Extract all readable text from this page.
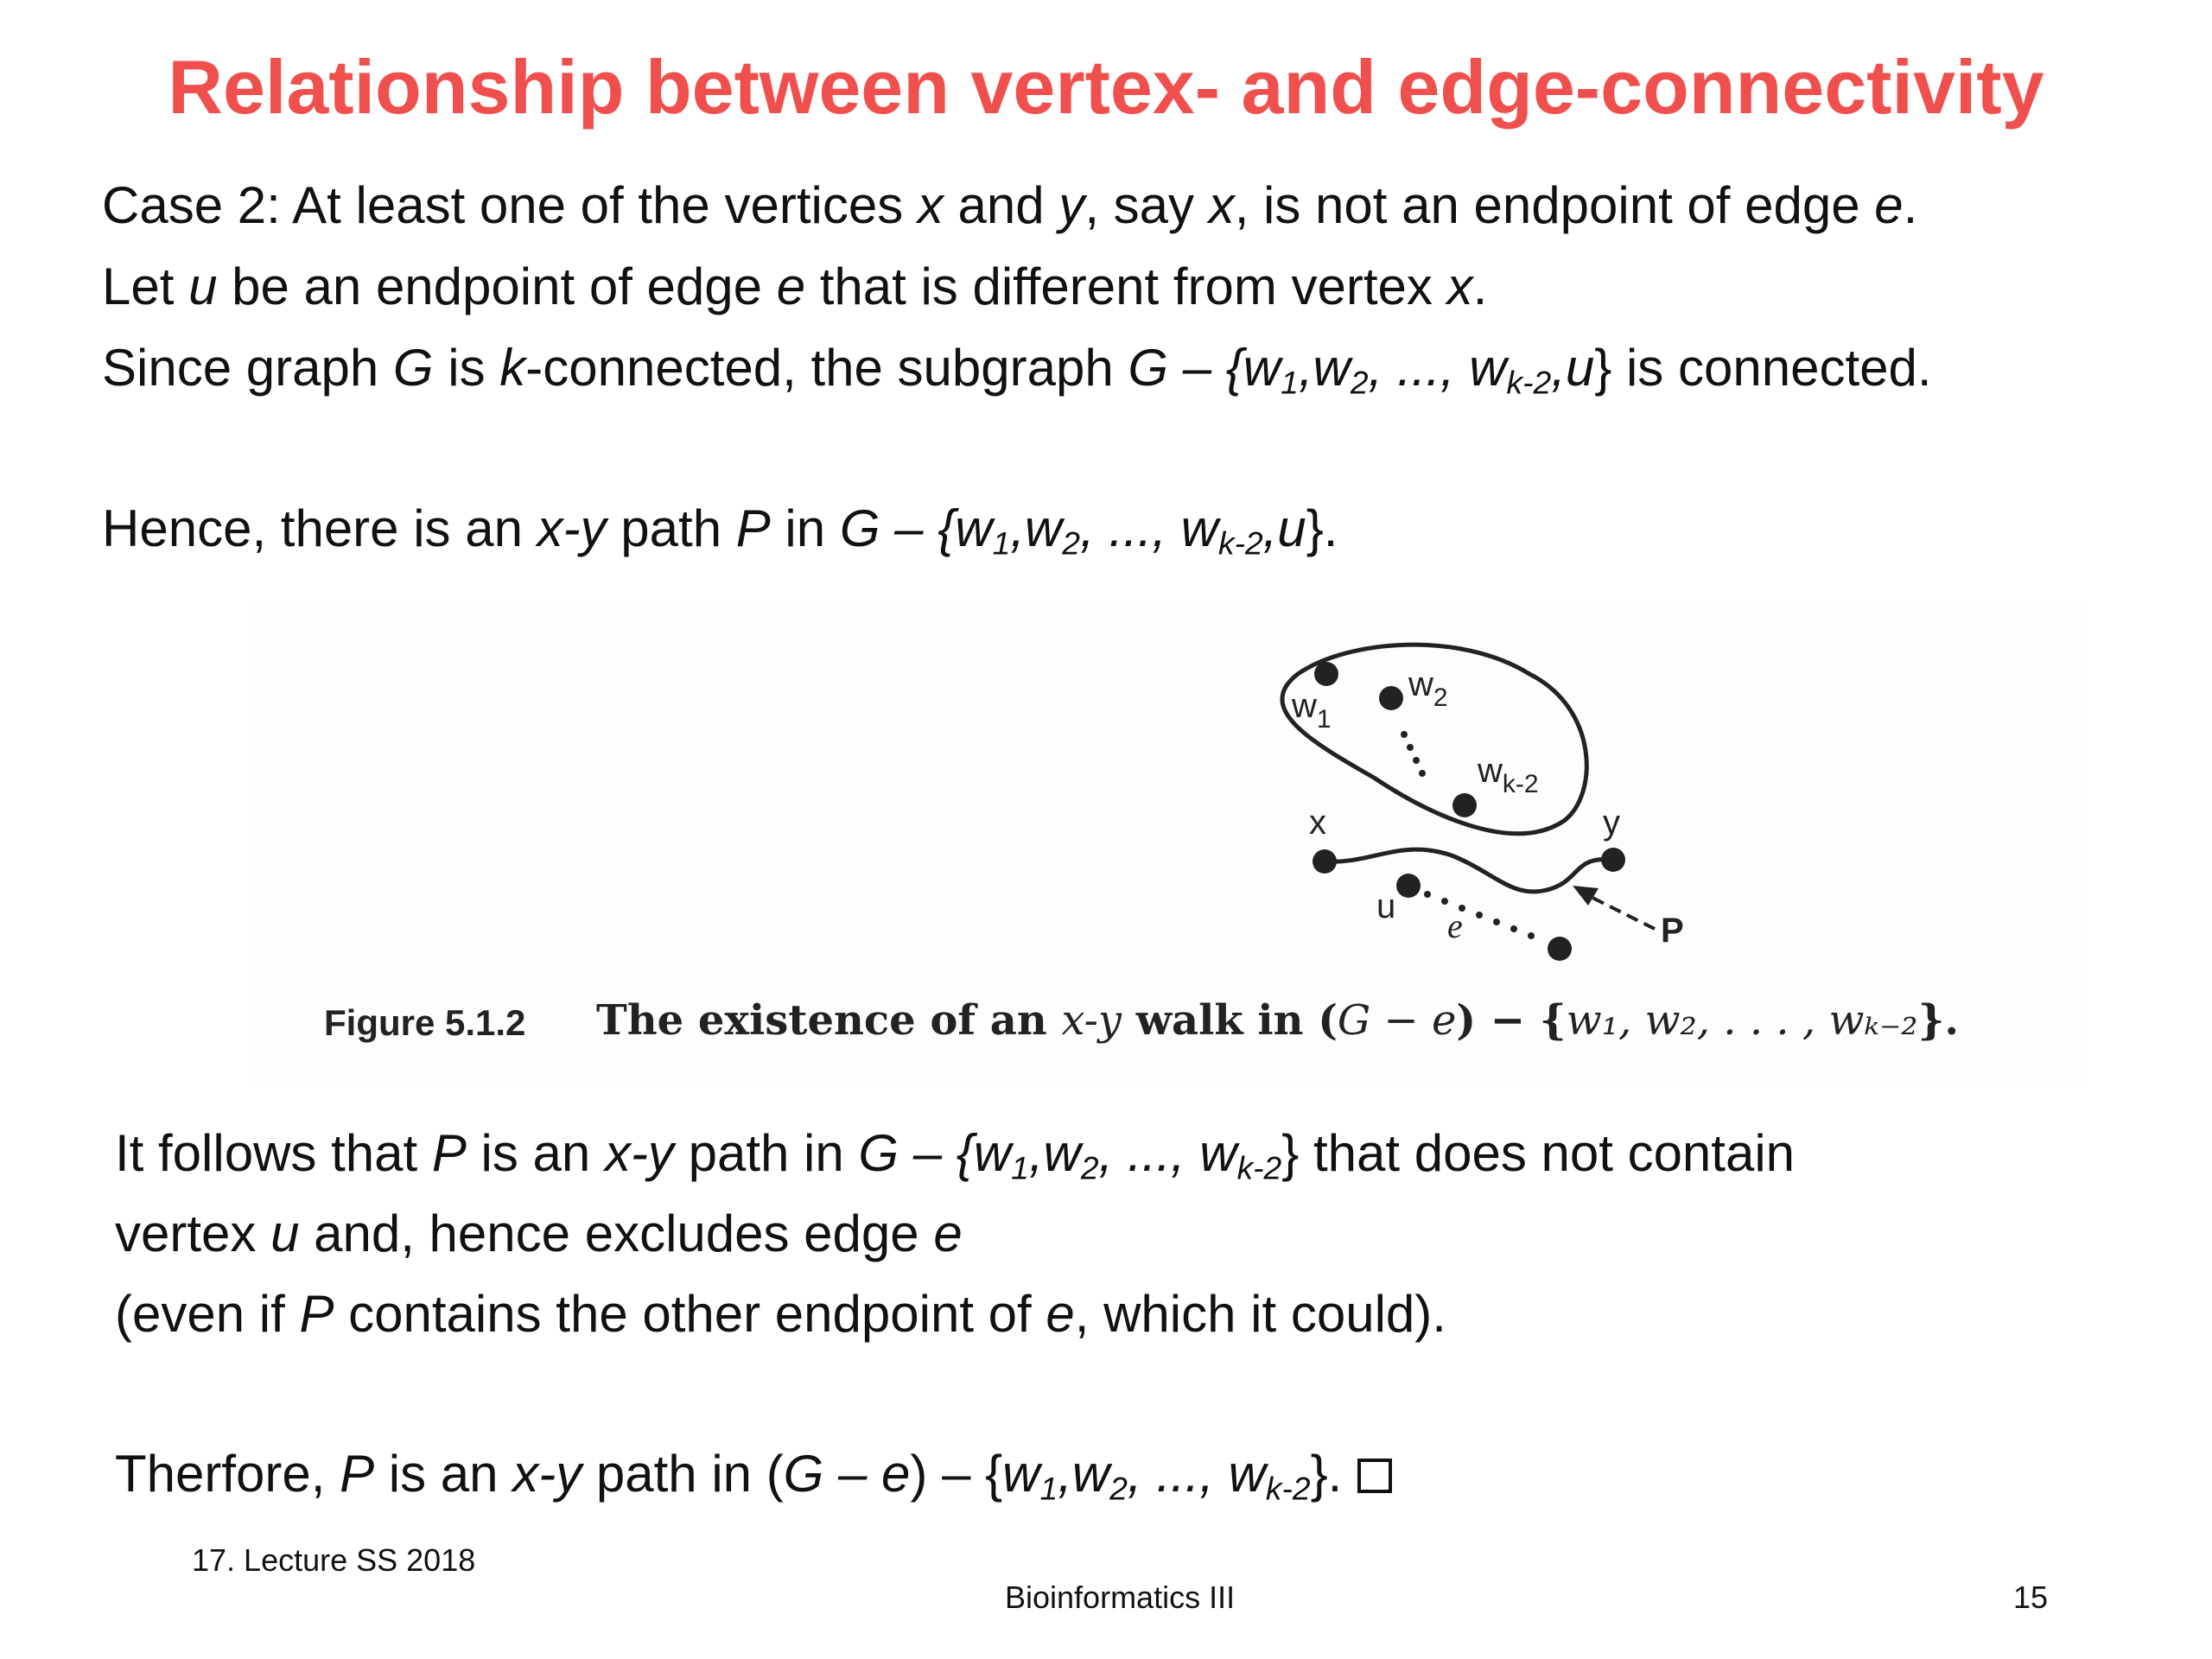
Relationship between vertex- and edge-connectivity
Case 2: At least one of the vertices x and y, say x, is not an endpoint of edge e.
Let u be an endpoint of edge e that is different from vertex x.
Since graph G is k-connected, the subgraph G – {$w_1,w_2$, ..., $w_{k-2},u$} is connected.
Hence, there is an x-y path P in G – {$w_1,w_2$, ..., $w_{k-2},u$}.
$w_1$
$w_2$
$w_{k-2}$
x	y
u e	P
Figure 5.1.2 The existence of an x-y walk in (G − e) − {w₁, w₂, . . . , wₖ₋₂}.
It follows that P is an x-y path in G – {$w_1,w_2$, ..., $w_{k-2}$} that does not contain
vertex u and, hence excludes edge e
(even if P contains the other endpoint of e, which it could).
Therfore, P is an x-y path in $(G - e) - \{w_1,w_2$, ..., $w_{k-2}$}.
17. Lecture SS 2018
Bioinformatics III	15
